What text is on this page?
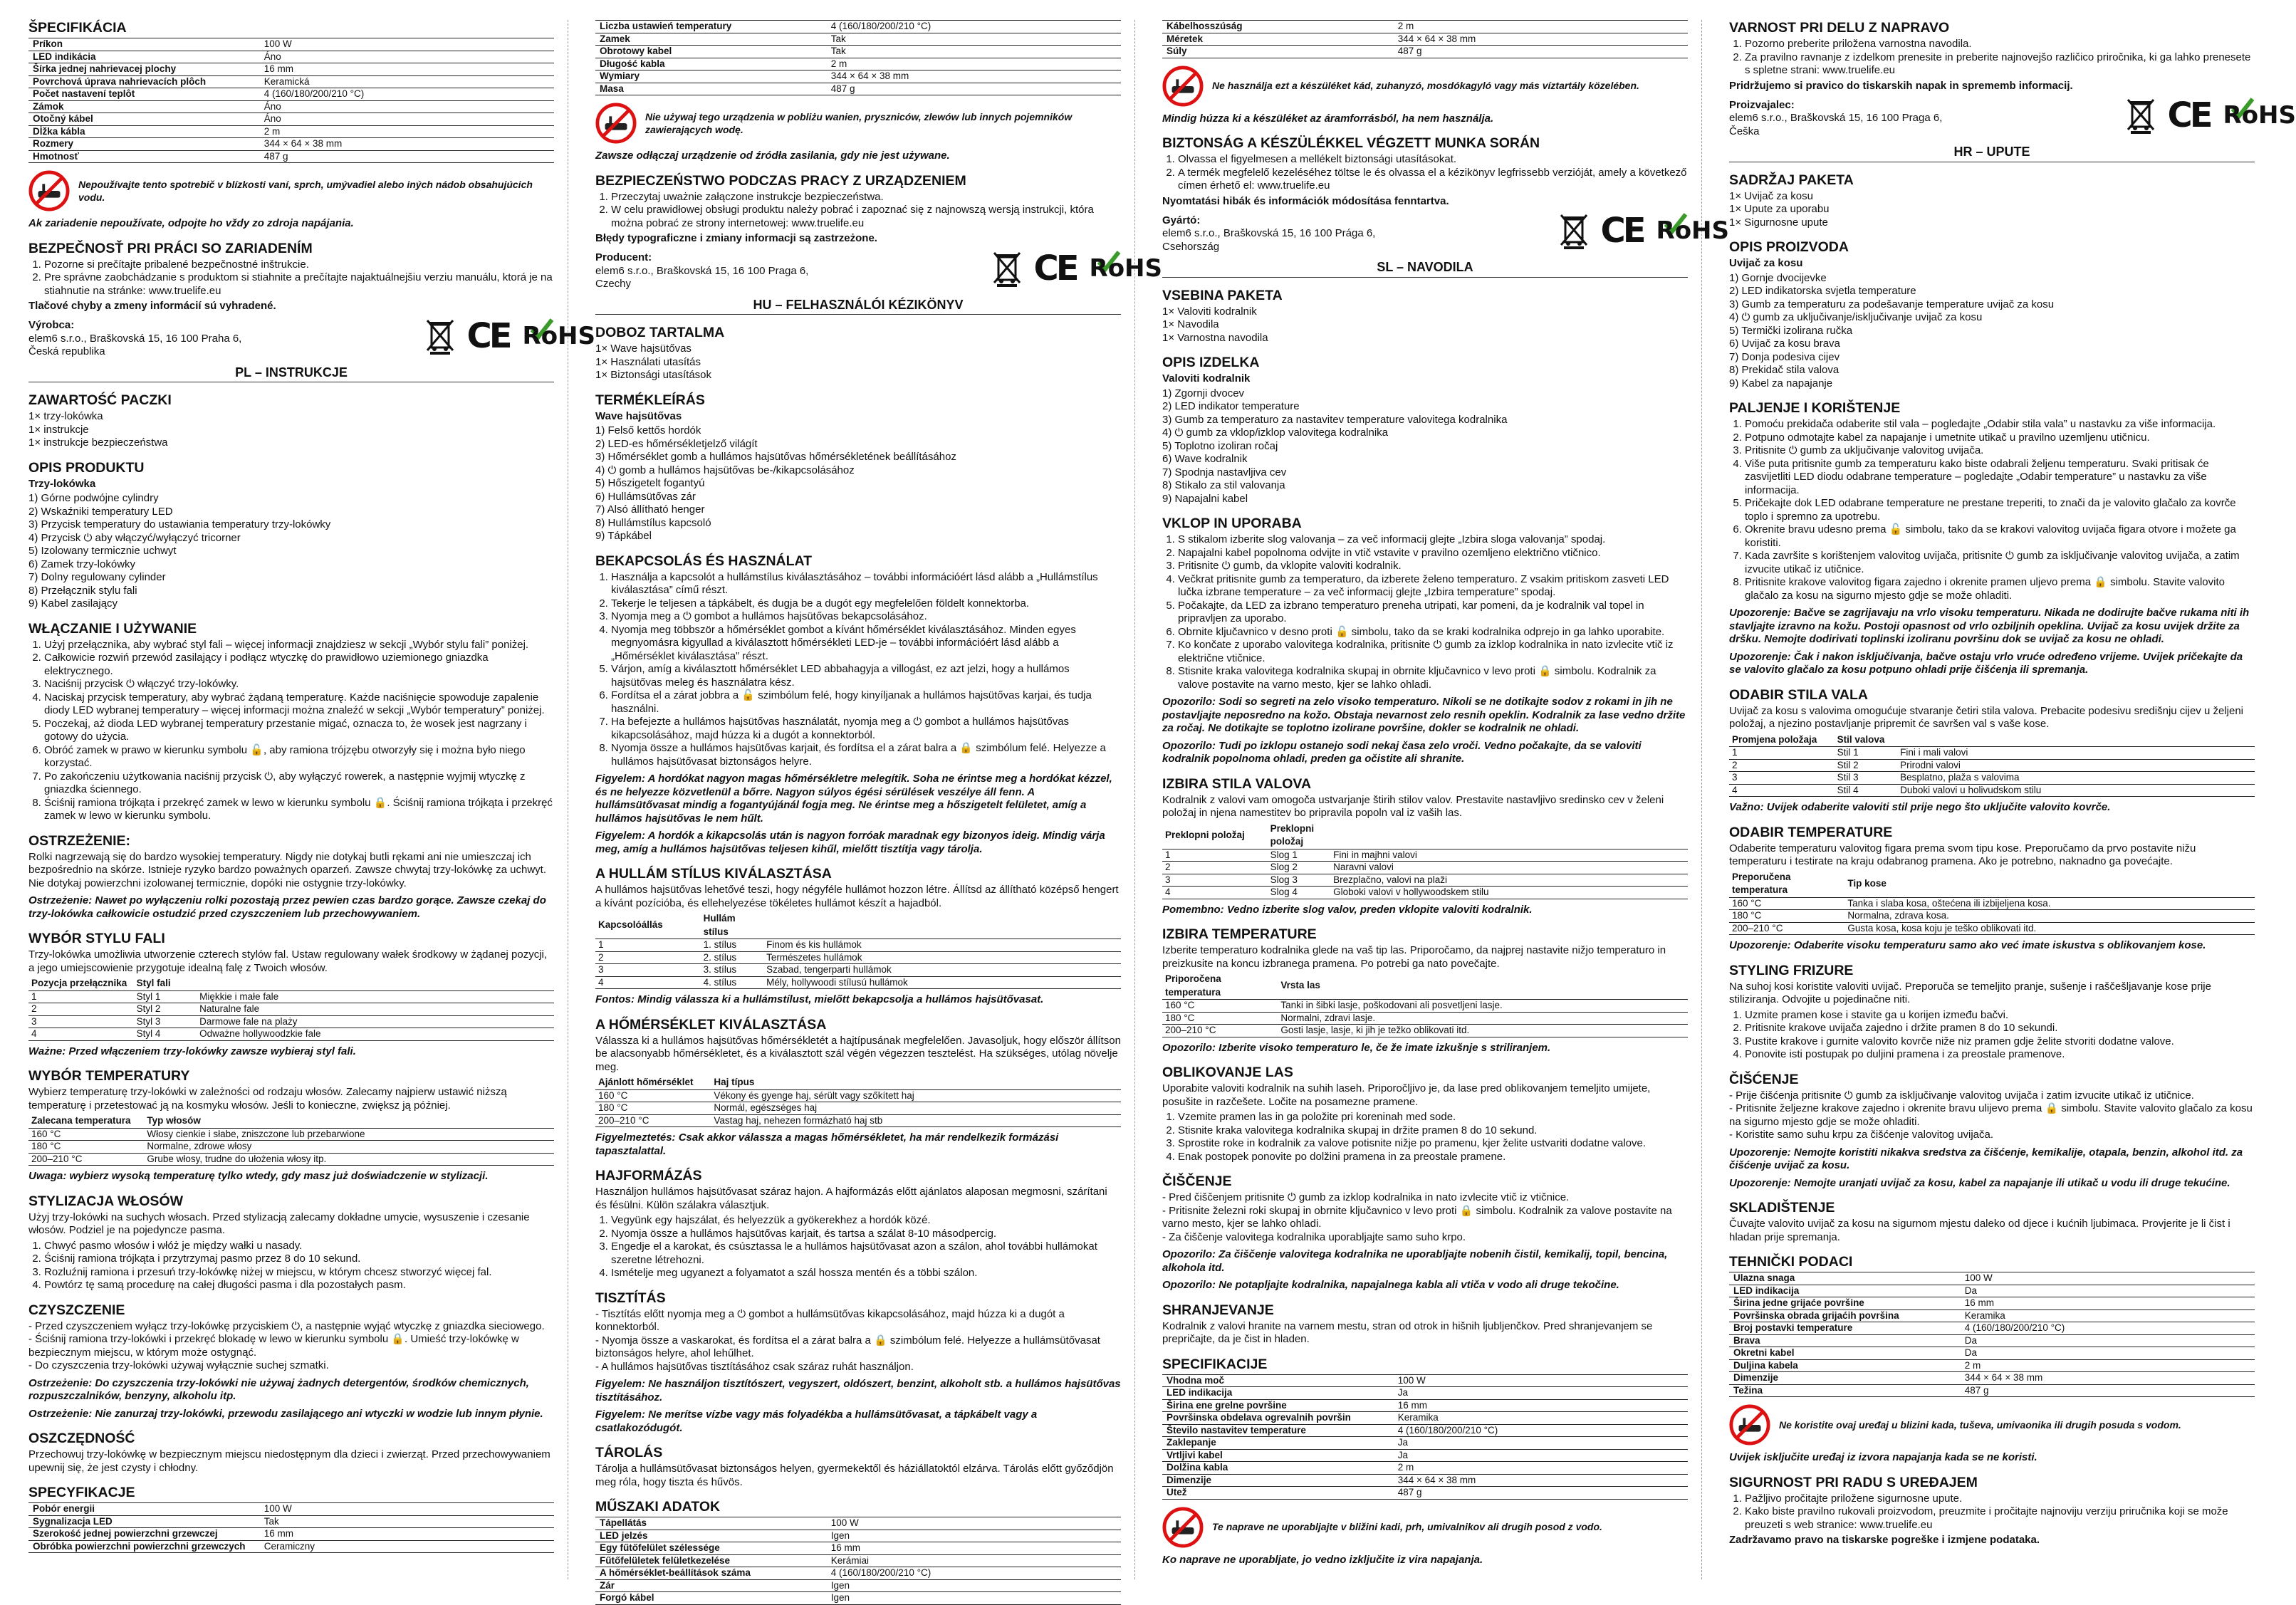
ŠPECIFIKÁCIA
Príkon	100 W
LED indikácia	Áno
Šírka jednej nahrievacej plochy	16 mm
Povrchová úprava nahrievacích plôch	Keramická
Počet nastavení teplôt	4 (160/180/200/210 °C)
Zámok	Áno
Otočný kábel	Áno
Dĺžka kábla	2 m
Rozmery	344 × 64 × 38 mm
Hmotnosť	487 g
Nepoužívajte tento spotrebič v blízkosti vaní, sprch, umývadiel alebo iných nádob obsahujúcich vodu.

Ak zariadenie nepoužívate, odpojte ho vždy zo zdroja napájania.

BEZPEČNOSŤ PRI PRÁCI SO ZARIADENÍM
1. Pozorne si prečítajte pribalené bezpečnostné inštrukcie.
2. Pre správne zaobchádzanie s produktom si stiahnite a prečítajte najaktuálnejšiu verziu manuálu, ktorá je na stiahnutie na stránke: www.truelife.eu

Tlačové chyby a zmeny informácií sú vyhradené.

Výrobca:
elem6 s.r.o., Braškovská 15, 16 100 Praha 6,
Česká republika	CE RoHS
PL – INSTRUKCJE
ZAWARTOŚĆ PACZKI
1× trzy-lokówka
1× instrukcje
1× instrukcje bezpieczeństwa
OPIS PRODUKTU
Trzy-lokówka
1) Górne podwójne cylindry
2) Wskaźniki temperatury LED
3) Przycisk temperatury do ustawiania temperatury trzy-lokówky
4) Przycisk ⏻ aby włączyć/wyłączyć tricorner
5) Izolowany termicznie uchwyt
6) Zamek trzy-lokówky
7) Dolny regulowany cylinder
8) Przełącznik stylu fali
9) Kabel zasilający
WŁĄCZANIE I UŻYWANIE
1. Użyj przełącznika, aby wybrać styl fali – więcej informacji znajdziesz w sekcji „Wybór stylu fali” poniżej.
2. Całkowicie rozwiń przewód zasilający i podłącz wtyczkę do prawidłowo uziemionego gniazdka elektrycznego.
3. Naciśnij przycisk ⏻ włączyć trzy-lokówky.
4. Naciskaj przycisk temperatury, aby wybrać żądaną temperaturę. Każde naciśnięcie spowoduje zapalenie diody LED wybranej temperatury – więcej informacji można znaleźć w sekcji „Wybór temperatury” poniżej.
5. Poczekaj, aż dioda LED wybranej temperatury przestanie migać, oznacza to, że wosek jest nagrzany i gotowy do użycia.
6. Obróć zamek w prawo w kierunku symbolu 🔓, aby ramiona trójzębu otworzyły się i można było niego korzystać.
7. Po zakończeniu użytkowania naciśnij przycisk ⏻, aby wyłączyć rowerek, a następnie wyjmij wtyczkę z gniazdka ściennego.
8. Ściśnij ramiona trójkąta i przekręć zamek w lewo w kierunku symbolu 🔒. Ściśnij ramiona trójkąta i przekręć zamek w lewo w kierunku symbolu.
OSTRZEŻENIE:

Rolki nagrzewają się do bardzo wysokiej temperatury. Nigdy nie dotykaj butli rękami ani nie umieszczaj ich bezpośrednio na skórze. Istnieje ryzyko bardzo poważnych oparzeń. Zawsze chwytaj trzy-lokówkę za uchwyt. Nie dotykaj powierzchni izolowanej termicznie, dopóki nie ostygnie trzy-lokówky.

Ostrzeżenie: Nawet po wyłączeniu rolki pozostają przez pewien czas bardzo gorące. Zawsze czekaj do trzy-lokówka całkowicie ostudzić przed czyszczeniem lub przechowywaniem.

WYBÓR STYLU FALI

Trzy-lokówka umożliwia utworzenie czterech stylów fal. Ustaw regulowany wałek środkowy w żądanej pozycji, a jego umiejscowienie przygotuje idealną falę z Twoich włosów.

Pozycja przełącznika	Styl fali	
1	Styl 1	Miękkie i małe fale
2	Styl 2	Naturalne fale
3	Styl 3	Darmowe fale na plaży
4	Styl 4	Odważne hollywoodzkie fale

Ważne: Przed włączeniem trzy-lokówky zawsze wybieraj styl fali.

WYBÓR TEMPERATURY

Wybierz temperaturę trzy-lokówki w zależności od rodzaju włosów. Zalecamy najpierw ustawić niższą temperaturę i przetestować ją na kosmyku włosów. Jeśli to konieczne, zwiększ ją później.

Zalecana temperatura	Typ włosów
160 °C	Włosy cienkie i słabe, zniszczone lub przebarwione
180 °C	Normalne, zdrowe włosy
200–210 °C	Grube włosy, trudne do ułożenia włosy itp.

Uwaga: wybierz wysoką temperaturę tylko wtedy, gdy masz już doświadczenie w stylizacji.

STYLIZACJA WŁOSÓW

Użyj trzy-lokówki na suchych włosach. Przed stylizacją zalecamy dokładne umycie, wysuszenie i czesanie włosów. Podziel je na pojedyncze pasma.

1. Chwyć pasmo włosów i włóż je między wałki u nasady.
2. Ściśnij ramiona trójkąta i przytrzymaj pasmo przez 8 do 10 sekund.
3. Rozluźnij ramiona i przesuń trzy-lokówkę niżej w miejscu, w którym chcesz stworzyć więcej fal.
4. Powtórz tę samą procedurę na całej długości pasma i dla pozostałych pasm.
CZYSZCZENIE
- Przed czyszczeniem wyłącz trzy-lokówkę przyciskiem ⏻, a następnie wyjąć wtyczkę z gniazdka sieciowego.
- Ściśnij ramiona trzy-lokówki i przekręć blokadę w lewo w kierunku symbolu 🔒. Umieść trzy-lokówkę w bezpiecznym miejscu, w którym może ostygnąć.
- Do czyszczenia trzy-lokówki używaj wyłącznie suchej szmatki.

Ostrzeżenie: Do czyszczenia trzy-lokówki nie używaj żadnych detergentów, środków chemicznych, rozpuszczalników, benzyny, alkoholu itp.

Ostrzeżenie: Nie zanurzaj trzy-lokówki, przewodu zasilającego ani wtyczki w wodzie lub innym płynie.

OSZCZĘDNOŚĆ

Przechowuj trzy-lokówkę w bezpiecznym miejscu niedostępnym dla dzieci i zwierząt. Przed przechowywaniem upewnij się, że jest czysty i chłodny.

SPECYFIKACJE
Pobór energii	100 W
Sygnalizacja LED	Tak
Szerokość jednej powierzchni grzewczej	16 mm
Obróbka powierzchni powierzchni grzewczych	Ceramiczny
Liczba ustawień temperatury	4 (160/180/200/210 °C)
Zamek	Tak
Obrotowy kabel	Tak
Długość kabla	2 m
Wymiary	344 × 64 × 38 mm
Masa	487 g
Nie używaj tego urządzenia w pobliżu wanien, pryszniców, zlewów lub innych pojemników zawierających wodę.

Zawsze odłączaj urządzenie od źródła zasilania, gdy nie jest używane.

BEZPIECZEŃSTWO PODCZAS PRACY Z URZĄDZENIEM
1. Przeczytaj uważnie załączone instrukcje bezpieczeństwa.
2. W celu prawidłowej obsługi produktu należy pobrać i zapoznać się z najnowszą wersją instrukcji, która można pobrać ze strony internetowej: www.truelife.eu

Błędy typograficzne i zmiany informacji są zastrzeżone.

Producent:
elem6 s.r.o., Braškovská 15, 16 100 Praga 6,
Czechy	CE RoHS
HU – FELHASZNÁLÓI KÉZIKÖNYV
DOBOZ TARTALMA
1× Wave hajsütővas
1× Használati utasítás
1× Biztonsági utasítások
TERMÉKLEÍRÁS
Wave hajsütővas
1) Felső kettős hordók
2) LED-es hőmérsékletjelző világít
3) Hőmérséklet gomb a hullámos hajsütővas hőmérsékletének beállításához
4) ⏻ gomb a hullámos hajsütővas be-/kikapcsolásához
5) Hőszigetelt fogantyú
6) Hullámsütővas zár
7) Alsó állítható henger
8) Hullámstílus kapcsoló
9) Tápkábel
BEKAPCSOLÁS ÉS HASZNÁLAT
1. Használja a kapcsolót a hullámstílus kiválasztásához – további információért lásd alább a „Hullámstílus kiválasztása” című részt.
2. Tekerje le teljesen a tápkábelt, és dugja be a dugót egy megfelelően földelt konnektorba.
3. Nyomja meg a ⏻ gombot a hullámos hajsütővas bekapcsolásához.
4. Nyomja meg többször a hőmérséklet gombot a kívánt hőmérséklet kiválasztásához. Minden egyes megnyomásra kigyullad a kiválasztott hőmérsékleti LED-je – további információért lásd alább a „Hőmérséklet kiválasztása” részt.
5. Várjon, amíg a kiválasztott hőmérséklet LED abbahagyja a villogást, ez azt jelzi, hogy a hullámos hajsütővas meleg és használatra kész.
6. Fordítsa el a zárat jobbra a 🔓 szimbólum felé, hogy kinyíljanak a hullámos hajsütővas karjai, és tudja használni.
7. Ha befejezte a hullámos hajsütővas használatát, nyomja meg a ⏻ gombot a hullámos hajsütővas kikapcsolásához, majd húzza ki a dugót a konnektorból.
8. Nyomja össze a hullámos hajsütővas karjait, és fordítsa el a zárat balra a 🔒 szimbólum felé. Helyezze a hullámos hajsütővasat biztonságos helyre.

Figyelem: A hordókat nagyon magas hőmérsékletre melegítik. Soha ne érintse meg a hordókat kézzel, és ne helyezze közvetlenül a bőrre. Nagyon súlyos égési sérülések veszélye áll fenn. A hullámsütővasat mindig a fogantyújánál fogja meg. Ne érintse meg a hőszigetelt felületet, amíg a hullámos hajsütővas le nem hűlt.

Figyelem: A hordók a kikapcsolás után is nagyon forróak maradnak egy bizonyos ideig. Mindig várja meg, amíg a hullámos hajsütővas teljesen kihűl, mielőtt tisztítja vagy tárolja.

A HULLÁM STÍLUS KIVÁLASZTÁSA

A hullámos hajsütővas lehetővé teszi, hogy négyféle hullámot hozzon létre. Állítsd az állítható középső hengert a kívánt pozícióba, és ellehelyezése tökéletes hullámot készít a hajadból.

Kapcsolóállás	Hullám stílus	
1	1. stílus	Finom és kis hullámok
2	2. stílus	Természetes hullámok
3	3. stílus	Szabad, tengerparti hullámok
4	4. stílus	Mély, hollywoodi stílusú hullámok

Fontos: Mindig válassza ki a hullámstílust, mielőtt bekapcsolja a hullámos hajsütővasat.

A HŐMÉRSÉKLET KIVÁLASZTÁSA

Válassza ki a hullámos hajsütővas hőmérsékletét a hajtípusának megfelelően. Javasoljuk, hogy először állítson be alacsonyabb hőmérsékletet, és a kiválasztott szál végén végezzen tesztelést. Ha szükséges, utólag növelje meg.

Ajánlott hőmérséklet	Haj típus
160 °C	Vékony és gyenge haj, sérült vagy szőkített haj
180 °C	Normál, egészséges haj
200–210 °C	Vastag haj, nehezen formázható haj stb

Figyelmeztetés: Csak akkor válassza a magas hőmérsékletet, ha már rendelkezik formázási tapasztalattal.

HAJFORMÁZÁS

Használjon hullámos hajsütővasat száraz hajon. A hajformázás előtt ajánlatos alaposan megmosni, szárítani és fésülni. Külön szálakra választjuk.

1. Vegyünk egy hajszálat, és helyezzük a gyökerekhez a hordók közé.
2. Nyomja össze a hullámos hajsütővas karjait, és tartsa a szálat 8-10 másodpercig.
3. Engedje el a karokat, és csúsztassa le a hullámos hajsütővasat azon a szálon, ahol további hullámokat szeretne létrehozni.
4. Ismételje meg ugyanezt a folyamatot a szál hossza mentén és a többi szálon.
TISZTÍTÁS
- Tisztítás előtt nyomja meg a ⏻ gombot a hullámsütővas kikapcsolásához, majd húzza ki a dugót a konnektorból.
- Nyomja össze a vaskarokat, és fordítsa el a zárat balra a 🔒 szimbólum felé. Helyezze a hullámsütővasat biztonságos helyre, ahol lehűlhet.
- A hullámos hajsütővas tisztításához csak száraz ruhát használjon.

Figyelem: Ne használjon tisztítószert, vegyszert, oldószert, benzint, alkoholt stb. a hullámos hajsütővas tisztításához.

Figyelem: Ne merítse vízbe vagy más folyadékba a hullámsütővasat, a tápkábelt vagy a csatlakozódugót.

TÁROLÁS

Tárolja a hullámsütővasat biztonságos helyen, gyermekektől és háziállatoktól elzárva. Tárolás előtt győződjön meg róla, hogy tiszta és hűvös.

MŰSZAKI ADATOK
Tápellátás	100 W
LED jelzés	Igen
Egy fűtőfelület szélessége	16 mm
Fűtőfelületek felületkezelése	Kerámiai
A hőmérséklet-beállítások száma	4 (160/180/200/210 °C)
Zár	Igen
Forgó kábel	Igen
Kábelhosszúság	2 m
Méretek	344 × 64 × 38 mm
Súly	487 g
Ne használja ezt a készüléket kád, zuhanyzó, mosdókagyló vagy más víztartály közelében.

Mindig húzza ki a készüléket az áramforrásból, ha nem használja.

BIZTONSÁG A KÉSZÜLÉKKEL VÉGZETT MUNKA SORÁN
1. Olvassa el figyelmesen a mellékelt biztonsági utasításokat.
2. A termék megfelelő kezeléséhez töltse le és olvassa el a kézikönyv legfrissebb verzióját, amely a következő címen érhető el: www.truelife.eu

Nyomtatási hibák és információk módosítása fenntartva.

Gyártó:
elem6 s.r.o., Braškovská 15, 16 100 Prága 6,
Csehország	CE RoHS
SL – NAVODILA
VSEBINA PAKETA
1× Valoviti kodralnik
1× Navodila
1× Varnostna navodila
OPIS IZDELKA
Valoviti kodralnik
1) Zgornji dvocev
2) LED indikator temperature
3) Gumb za temperaturo za nastavitev temperature valovitega kodralnika
4) ⏻ gumb za vklop/izklop valovitega kodralnika
5) Toplotno izoliran ročaj
6) Wave kodralnik
7) Spodnja nastavljiva cev
8) Stikalo za stil valovanja
9) Napajalni kabel
VKLOP IN UPORABA
1. S stikalom izberite slog valovanja – za več informacij glejte „Izbira sloga valovanja” spodaj.
2. Napajalni kabel popolnoma odvijte in vtič vstavite v pravilno ozemljeno električno vtičnico.
3. Pritisnite ⏻ gumb, da vklopite valoviti kodralnik.
4. Večkrat pritisnite gumb za temperaturo, da izberete želeno temperaturo. Z vsakim pritiskom zasveti LED lučka izbrane temperature – za več informacij glejte „Izbira temperature” spodaj.
5. Počakajte, da LED za izbrano temperaturo preneha utripati, kar pomeni, da je kodralnik val topel in pripravljen za uporabo.
6. Obrnite ključavnico v desno proti 🔓 simbolu, tako da se kraki kodralnika odprejo in ga lahko uporabite.
7. Ko končate z uporabo valovitega kodralnika, pritisnite ⏻ gumb za izklop kodralnika in nato izvlecite vtič iz električne vtičnice.
8. Stisnite kraka valovitega kodralnika skupaj in obrnite ključavnico v levo proti 🔒 simbolu. Kodralnik za valove postavite na varno mesto, kjer se lahko ohladi.

Opozorilo: Sodi so segreti na zelo visoko temperaturo. Nikoli se ne dotikajte sodov z rokami in jih ne postavljajte neposredno na kožo. Obstaja nevarnost zelo resnih opeklin. Kodralnik za lase vedno držite za ročaj. Ne dotikajte se toplotno izolirane površine, dokler se kodralnik ne ohladi.

Opozorilo: Tudi po izklopu ostanejo sodi nekaj časa zelo vroči. Vedno počakajte, da se valoviti kodralnik popolnoma ohladi, preden ga očistite ali shranite.

IZBIRA STILA VALOVA

Kodralnik z valovi vam omogoča ustvarjanje štirih stilov valov. Prestavite nastavljivo sredinsko cev v želeni položaj in njena namestitev bo pripravila popoln val iz vaših las.

Preklopni položaj	Preklopni položaj	
1	Slog 1	Fini in majhni valovi
2	Slog 2	Naravni valovi
3	Slog 3	Brezplačno, valovi na plaži
4	Slog 4	Globoki valovi v hollywoodskem stilu

Pomembno: Vedno izberite slog valov, preden vklopite valoviti kodralnik.

IZBIRA TEMPERATURE

Izberite temperaturo kodralnika glede na vaš tip las. Priporočamo, da najprej nastavite nižjo temperaturo in preizkusite na koncu izbranega pramena. Po potrebi ga nato povečajte.

Priporočena temperatura	Vrsta las
160 °C	Tanki in šibki lasje, poškodovani ali posvetljeni lasje.
180 °C	Normalni, zdravi lasje.
200–210 °C	Gosti lasje, lasje, ki jih je težko oblikovati itd.

Opozorilo: Izberite visoko temperaturo le, če že imate izkušnje s striliranjem.

OBLIKOVANJE LAS

Uporabite valoviti kodralnik na suhih laseh. Priporočljivo je, da lase pred oblikovanjem temeljito umijete, posušite in razčešete. Ločite na posamezne pramene.

1. Vzemite pramen las in ga položite pri koreninah med sode.
2. Stisnite kraka valovitega kodralnika skupaj in držite pramen 8 do 10 sekund.
3. Sprostite roke in kodralnik za valove potisnite nižje po pramenu, kjer želite ustvariti dodatne valove.
4. Enak postopek ponovite po dolžini pramena in za preostale pramene.
ČIŠČENJE
- Pred čiščenjem pritisnite ⏻ gumb za izklop kodralnika in nato izvlecite vtič iz vtičnice.
- Pritisnite železni roki skupaj in obrnite ključavnico v levo proti 🔒 simbolu. Kodralnik za valove postavite na varno mesto, kjer se lahko ohladi.
- Za čiščenje valovitega kodralnika uporabljajte samo suho krpo.

Opozorilo: Za čiščenje valovitega kodralnika ne uporabljajte nobenih čistil, kemikalij, topil, bencina, alkohola itd.

Opozorilo: Ne potapljajte kodralnika, napajalnega kabla ali vtiča v vodo ali druge tekočine.

SHRANJEVANJE

Kodralnik z valovi hranite na varnem mestu, stran od otrok in hišnih ljubljenčkov. Pred shranjevanjem se prepričajte, da je čist in hladen.

SPECIFIKACIJE
Vhodna moč	100 W
LED indikacija	Ja
Širina ene grelne površine	16 mm
Površinska obdelava ogrevalnih površin	Keramika
Število nastavitev temperature	4 (160/180/200/210 °C)
Zaklepanje	Ja
Vrtljivi kabel	Ja
Dolžina kabla	2 m
Dimenzije	344 × 64 × 38 mm
Utež	487 g
Te naprave ne uporabljajte v bližini kadi, prh, umivalnikov ali drugih posod z vodo.

Ko naprave ne uporabljate, jo vedno izključite iz vira napajanja.

VARNOST PRI DELU Z NAPRAVO
1. Pozorno preberite priložena varnostna navodila.
2. Za pravilno ravnanje z izdelkom prenesite in preberite najnovejšo različico priročnika, ki ga lahko prenesete s spletne strani: www.truelife.eu

Pridržujemo si pravico do tiskarskih napak in sprememb informacij.

Proizvajalec:
elem6 s.r.o., Braškovská 15, 16 100 Praga 6,
Češka	CE RoHS
HR – UPUTE
SADRŽAJ PAKETA
1× Uvijač za kosu
1× Upute za uporabu
1× Sigurnosne upute
OPIS PROIZVODA
Uvijač za kosu
1) Gornje dvocijevke
2) LED indikatorska svjetla temperature
3) Gumb za temperaturu za podešavanje temperature uvijač za kosu
4) ⏻ gumb za uključivanje/isključivanje uvijač za kosu
5) Termički izolirana ručka
6) Uvijač za kosu brava
7) Donja podesiva cijev
8) Prekidač stila valova
9) Kabel za napajanje
PALJENJE I KORIŠTENJE
1. Pomoću prekidača odaberite stil vala – pogledajte „Odabir stila vala” u nastavku za više informacija.
2. Potpuno odmotajte kabel za napajanje i umetnite utikač u pravilno uzemljenu utičnicu.
3. Pritisnite ⏻ gumb za uključivanje valovitog uvijača.
4. Više puta pritisnite gumb za temperaturu kako biste odabrali željenu temperaturu. Svaki pritisak će zasvijetliti LED diodu odabrane temperature – pogledajte „Odabir temperature” u nastavku za više informacija.
5. Pričekajte dok LED odabrane temperature ne prestane treperiti, to znači da je valovito glačalo za kovrče toplo i spremno za upotrebu.
6. Okrenite bravu udesno prema 🔓 simbolu, tako da se krakovi valovitog uvijača figara otvore i možete ga koristiti.
7. Kada završite s korištenjem valovitog uvijača, pritisnite ⏻ gumb za isključivanje valovitog uvijača, a zatim izvucite utikač iz utičnice.
8. Pritisnite krakove valovitog figara zajedno i okrenite pramen uljevo prema 🔒 simbolu. Stavite valovito glačalo za kosu na sigurno mjesto gdje se može ohladiti.

Upozorenje: Bačve se zagrijavaju na vrlo visoku temperaturu. Nikada ne dodirujte bačve rukama niti ih stavljajte izravno na kožu. Postoji opasnost od vrlo ozbiljnih opeklina. Uvijač za kosu uvijek držite za dršku. Nemojte dodirivati toplinski izoliranu površinu dok se uvijač za kosu ne ohladi.

Upozorenje: Čak i nakon isključivanja, bačve ostaju vrlo vruće određeno vrijeme. Uvijek pričekajte da se valovito glačalo za kosu potpuno ohladi prije čišćenja ili spremanja.

ODABIR STILA VALA

Uvijač za kosu s valovima omogućuje stvaranje četiri stila valova. Prebacite podesivu središnju cijev u željeni položaj, a njezino postavljanje pripremit će savršen val s vaše kose.

Promjena položaja	Stil valova	
1	Stil 1	Fini i mali valovi
2	Stil 2	Prirodni valovi
3	Stil 3	Besplatno, plaža s valovima
4	Stil 4	Duboki valovi u holivudskom stilu

Važno: Uvijek odaberite valoviti stil prije nego što uključite valovito kovrče.

ODABIR TEMPERATURE

Odaberite temperaturu valovitog figara prema svom tipu kose. Preporučamo da prvo postavite nižu temperaturu i testirate na kraju odabranog pramena. Ako je potrebno, naknadno ga povećajte.

Preporučena temperatura	Tip kose
160 °C	Tanka i slaba kosa, oštećena ili izbijeljena kosa.
180 °C	Normalna, zdrava kosa.
200–210 °C	Gusta kosa, kosa koju je teško oblikovati itd.

Upozorenje: Odaberite visoku temperaturu samo ako već imate iskustva s oblikovanjem kose.

STYLING FRIZURE

Na suhoj kosi koristite valoviti uvijač. Preporuča se temeljito pranje, sušenje i raščešljavanje kose prije stiliziranja. Odvojite u pojedinačne niti.

1. Uzmite pramen kose i stavite ga u korijen između bačvi.
2. Pritisnite krakove uvijača zajedno i držite pramen 8 do 10 sekundi.
3. Pustite krakove i gurnite valovito kovrče niže niz pramen gdje želite stvoriti dodatne valove.
4. Ponovite isti postupak po duljini pramena i za preostale pramenove.
ČIŠĆENJE
- Prije čišćenja pritisnite ⏻ gumb za isključivanje valovitog uvijača i zatim izvucite utikač iz utičnice.
- Pritisnite željezne krakove zajedno i okrenite bravu ulijevo prema 🔒 simbolu. Stavite valovito glačalo za kosu na sigurno mjesto gdje se može ohladiti.
- Koristite samo suhu krpu za čišćenje valovitog uvijača.

Upozorenje: Nemojte koristiti nikakva sredstva za čišćenje, kemikalije, otapala, benzin, alkohol itd. za čišćenje uvijač za kosu.

Upozorenje: Nemojte uranjati uvijač za kosu, kabel za napajanje ili utikač u vodu ili druge tekućine.

SKLADIŠTENJE

Čuvajte valovito uvijač za kosu na sigurnom mjestu daleko od djece i kućnih ljubimaca. Provjerite je li čist i hladan prije spremanja.

TEHNIČKI PODACI
Ulazna snaga	100 W
LED indikacija	Da
Širina jedne grijaće površine	16 mm
Površinska obrada grijaćih površina	Keramika
Broj postavki temperature	4 (160/180/200/210 °C)
Brava	Da
Okretni kabel	Da
Duljina kabela	2 m
Dimenzije	344 × 64 × 38 mm
Težina	487 g
Ne koristite ovaj uređaj u blizini kada, tuševa, umivaonika ili drugih posuda s vodom.

Uvijek isključite uređaj iz izvora napajanja kada se ne koristi.

SIGURNOST PRI RADU S UREĐAJEM
1. Pažljivo pročitajte priložene sigurnosne upute.
2. Kako biste pravilno rukovali proizvodom, preuzmite i pročitajte najnoviju verziju priručnika koji se može preuzeti s web stranice: www.truelife.eu

Zadržavamo pravo na tiskarske pogreške i izmjene podataka.
